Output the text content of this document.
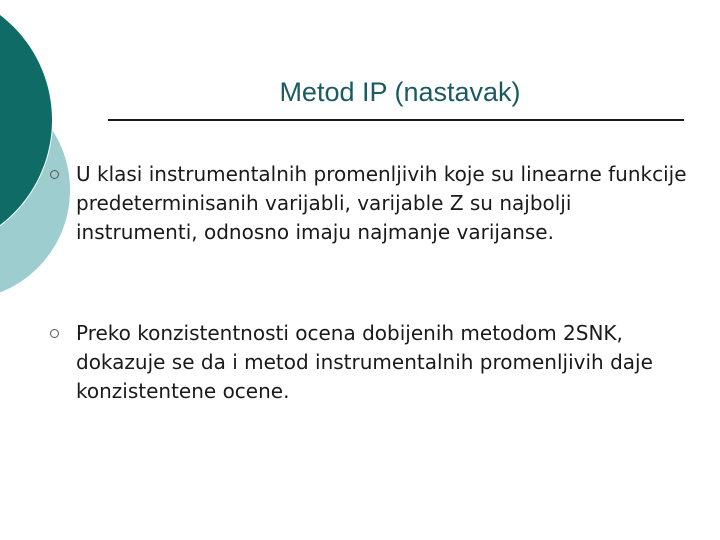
Metod IP (nastavak)
U klasi instrumentalnih promenljivih koje su linearne funkcije predeterminisanih varijabli, varijable Z su najbolji instrumenti, odnosno imaju najmanje varijanse.
Preko konzistentnosti ocena dobijenih metodom 2SNK, dokazuje se da i metod instrumentalnih promenljivih daje konzistentene ocene.
